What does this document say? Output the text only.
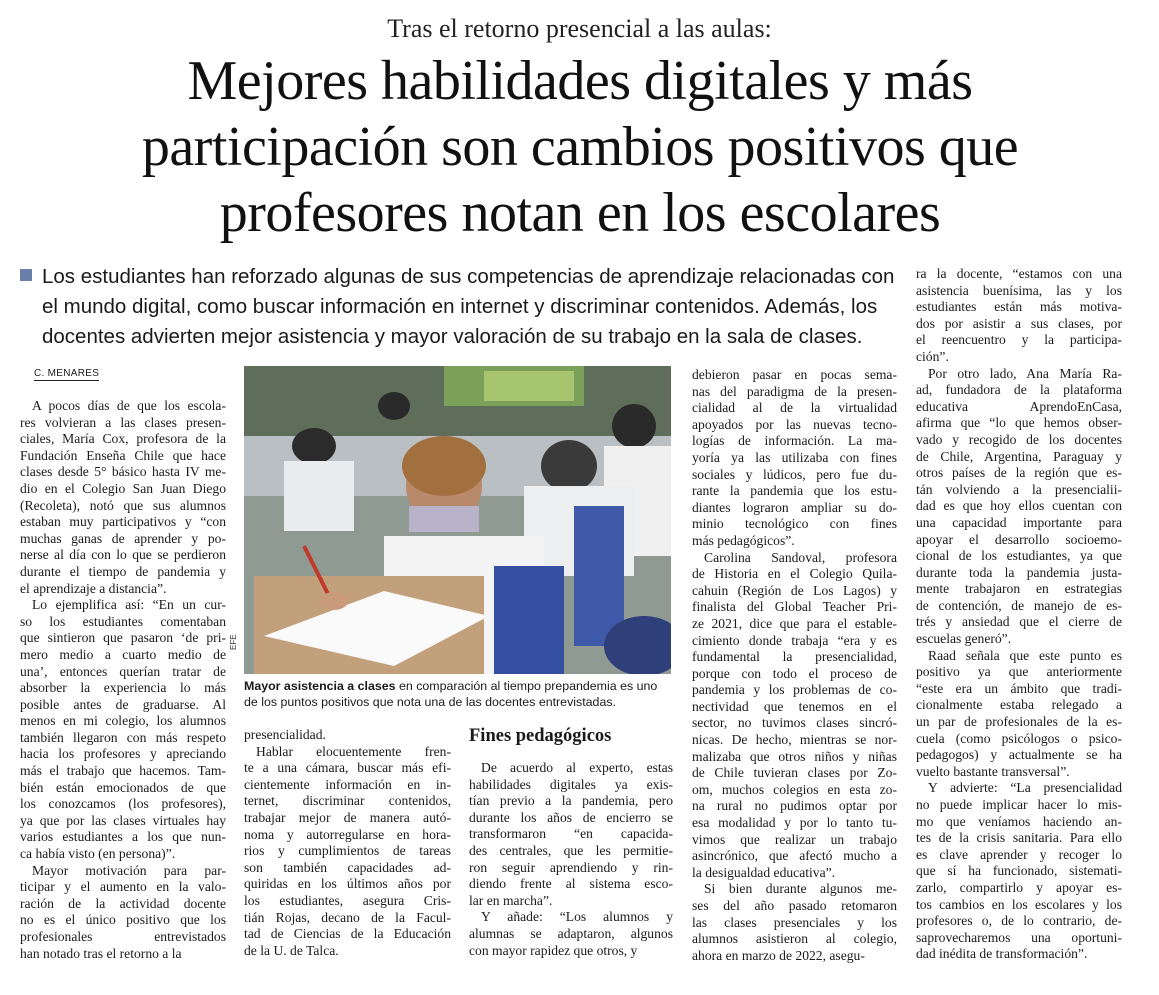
Tras el retorno presencial a las aulas:
Mejores habilidades digitales y más
participación son cambios positivos que
profesores notan en los escolares

Los estudiantes han reforzado algunas de sus competencias de aprendizaje relacionadas con

el mundo digital, como buscar información en internet y discriminar contenidos. Además, los

docentes advierten mejor asistencia y mayor valoración de su trabajo en la sala de clases.

C. MENARES
A pocos días de que los escola-
res volvieran a las clases presen-
ciales, María Cox, profesora de la
Fundación Enseña Chile que hace
clases desde 5° básico hasta IV me-
dio en el Colegio San Juan Diego
(Recoleta), notó que sus alumnos
estaban muy participativos y “con
muchas ganas de aprender y po-
nerse al día con lo que se perdieron
durante el tiempo de pandemia y
el aprendizaje a distancia”.
Lo ejemplifica así: “En un cur-
so los estudiantes comentaban
que sintieron que pasaron ‘de pri-
mero medio a cuarto medio de
una’, entonces querían tratar de
absorber la experiencia lo más
posible antes de graduarse. Al
menos en mi colegio, los alumnos
también llegaron con más respeto
hacia los profesores y apreciando
más el trabajo que hacemos. Tam-
bién están emocionados de que
los conozcamos (los profesores),
ya que por las clases virtuales hay
varios estudiantes a los que nun-
ca había visto (en persona)”.
Mayor motivación para par-
ticipar y el aumento en la valo-
ración de la actividad docente
no es el único positivo que los
profesionales entrevistados
han notado tras el retorno a la
EFE
Mayor asistencia a clases en comparación al tiempo prepandemia es uno de los puntos positivos que nota una de las docentes entrevistadas.
presencialidad.
Hablar elocuentemente fren-
te a una cámara, buscar más efi-
cientemente información en in-
ternet, discriminar contenidos,
trabajar mejor de manera autó-
noma y autorregularse en hora-
rios y cumplimientos de tareas
son también capacidades ad-
quiridas en los últimos años por
los estudiantes, asegura Cris-
tián Rojas, decano de la Facul-
tad de Ciencias de la Educación
de la U. de Talca.
Fines pedagógicos
De acuerdo al experto, estas
habilidades digitales ya exis-
tían previo a la pandemia, pero
durante los años de encierro se
transformaron “en capacida-
des centrales, que les permitie-
ron seguir aprendiendo y rin-
diendo frente al sistema esco-
lar en marcha”.
Y añade: “Los alumnos y
alumnas se adaptaron, algunos
con mayor rapidez que otros, y
debieron pasar en pocas sema-
nas del paradigma de la presen-
cialidad al de la virtualidad
apoyados por las nuevas tecno-
logías de información. La ma-
yoría ya las utilizaba con fines
sociales y lúdicos, pero fue du-
rante la pandemia que los estu-
diantes lograron ampliar su do-
minio tecnológico con fines
más pedagógicos”.
Carolina Sandoval, profesora
de Historia en el Colegio Quila-
cahuin (Región de Los Lagos) y
finalista del Global Teacher Pri-
ze 2021, dice que para el estable-
cimiento donde trabaja “era y es
fundamental la presencialidad,
porque con todo el proceso de
pandemia y los problemas de co-
nectividad que tenemos en el
sector, no tuvimos clases sincró-
nicas. De hecho, mientras se nor-
malizaba que otros niños y niñas
de Chile tuvieran clases por Zo-
om, muchos colegios en esta zo-
na rural no pudimos optar por
esa modalidad y por lo tanto tu-
vimos que realizar un trabajo
asincrónico, que afectó mucho a
la desigualdad educativa”.
Si bien durante algunos me-
ses del año pasado retomaron
las clases presenciales y los
alumnos asistieron al colegio,
ahora en marzo de 2022, asegu-
ra la docente, “estamos con una
asistencia buenísima, las y los
estudiantes están más motiva-
dos por asistir a sus clases, por
el reencuentro y la participa-
ción”.
Por otro lado, Ana María Ra-
ad, fundadora de la plataforma
educativa AprendoEnCasa,
afirma que “lo que hemos obser-
vado y recogido de los docentes
de Chile, Argentina, Paraguay y
otros países de la región que es-
tán volviendo a la presencialii-
dad es que hoy ellos cuentan con
una capacidad importante para
apoyar el desarrollo socioemo-
cional de los estudiantes, ya que
durante toda la pandemia justa-
mente trabajaron en estrategias
de contención, de manejo de es-
trés y ansiedad que el cierre de
escuelas generó”.
Raad señala que este punto es
positivo ya que anteriormente
“este era un ámbito que tradi-
cionalmente estaba relegado a
un par de profesionales de la es-
cuela (como psicólogos o psico-
pedagogos) y actualmente se ha
vuelto bastante transversal”.
Y advierte: “La presencialidad
no puede implicar hacer lo mis-
mo que veníamos haciendo an-
tes de la crisis sanitaria. Para ello
es clave aprender y recoger lo
que sí ha funcionado, sistemati-
zarlo, compartirlo y apoyar es-
tos cambios en los escolares y los
profesores o, de lo contrario, de-
saprovecharemos una oportuni-
dad inédita de transformación”.
